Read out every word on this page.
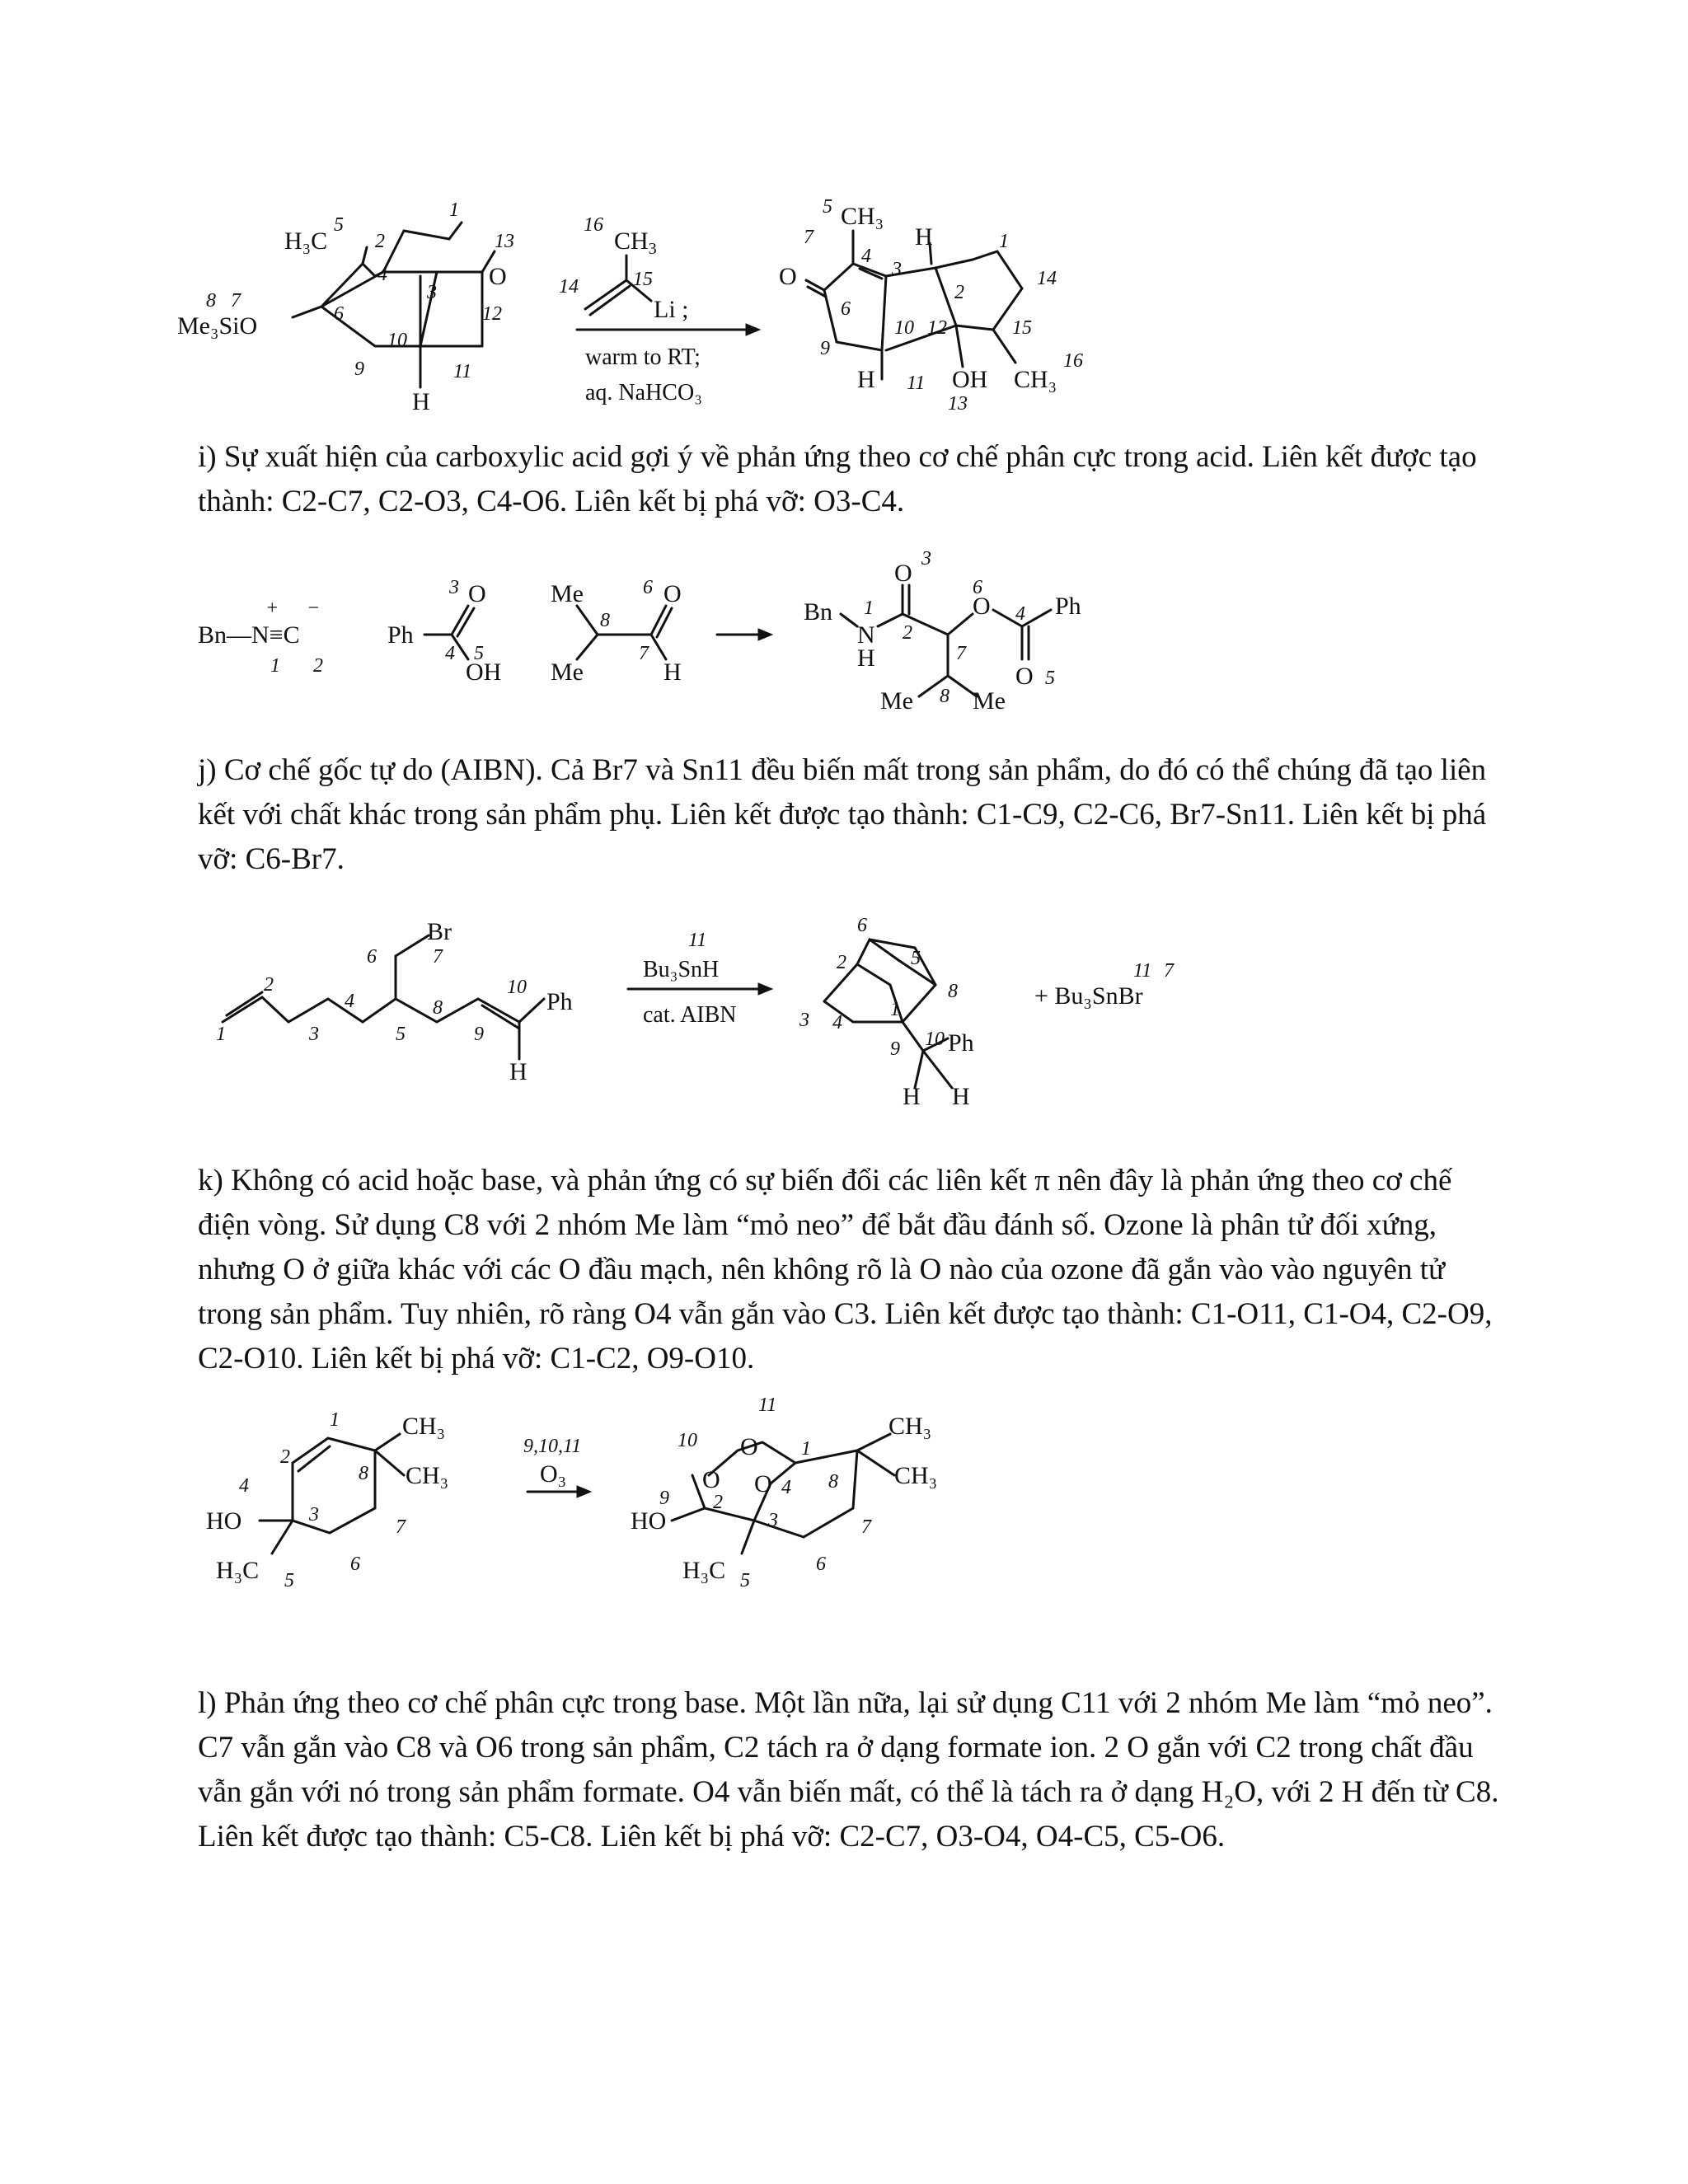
H₃C
Me₃SiO
O
H
5
2
1
13
8 7
6
4
3
12
10
9	11
16
$CH_3$
14	15
Li ;
warm to RT;
aq. NaHCO₃
5 CH₃
O
H
OH CH₃
H
7
4
3
6
10 12
2
1
14
15
16
9
11
13

i) Sự xuất hiện của carboxylic acid gợi ý về phản ứng theo cơ chế phân cực trong acid. Liên kết được tạo thành: C2-C7, C2-O3, C4-O6. Liên kết bị phá vỡ: O3-C4.

Bn—N≡C
+ −
1 2
Ph
O
OH
3
4 5
Me
Me
O
H
8
6
7
Bn
N
H
1
O
3
2
O
6
Ph
O 5
4
7
Me Me
8

j) Cơ chế gốc tự do (AIBN). Cả Br7 và Sn11 đều biến mất trong sản phẩm, do đó có thể chúng đã tạo liên kết với chất khác trong sản phẩm phụ. Liên kết được tạo thành: C1-C9, C2-C6, Br7-Sn11. Liên kết bị phá vỡ: C6-Br7.

Br
Ph
H
1
2
3
4
5
6	7
8
9
10
11
Bu₃SnH
cat. AIBN
Ph
H H
6
2	5
8
3 4
1
9 10
11 7
+ Bu₃SnBr

k) Không có acid hoặc base, và phản ứng có sự biến đổi các liên kết π nên đây là phản ứng theo cơ chế điện vòng. Sử dụng C8 với 2 nhóm Me làm “mỏ neo” để bắt đầu đánh số. Ozone là phân tử đối xứng, nhưng O ở giữa khác với các O đầu mạch, nên không rõ là O nào của ozone đã gắn vào vào nguyên tử trong sản phẩm. Tuy nhiên, rõ ràng O4 vẫn gắn vào C3. Liên kết được tạo thành: C1-O11, C1-O4, C2-O9, C2-O10. Liên kết bị phá vỡ: C1-C2, O9-O10.

CH₃
CH₃
HO
H₃C
1
2
4
3
8
7
6
5
9,10,11
O₃	O
O
O
CH₃
CH₃
HO
H₃C
11
10	1
9 2
3
8
7
6
5
4

l) Phản ứng theo cơ chế phân cực trong base. Một lần nữa, lại sử dụng C11 với 2 nhóm Me làm “mỏ neo”. C7 vẫn gắn vào C8 và O6 trong sản phẩm, C2 tách ra ở dạng formate ion. 2 O gắn với C2 trong chất đầu vẫn gắn với nó trong sản phẩm formate. O4 vẫn biến mất, có thể là tách ra ở dạng H₂O, với 2 H đến từ C8. Liên kết được tạo thành: C5-C8. Liên kết bị phá vỡ: C2-C7, O3-O4, O4-C5, C5-O6.
